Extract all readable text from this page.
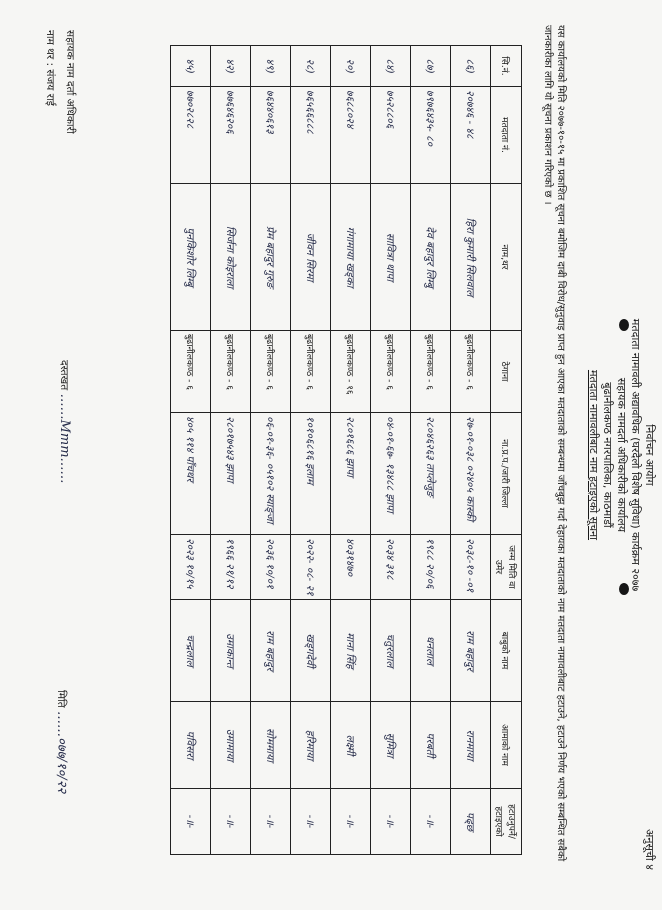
अनुसूची ४
निर्वाचन आयोग
मतदाता नामावली अद्यावधिक (घरदैलो विशेष सुविधा) कार्यक्रम २०७७
सहायक नामदर्ता अधिकारीको कार्यालय
बुढानीलकण्ठ नगरपालिका, काठमाडौं
मतदाता नामावलीबाट नाम हटाइएको सूचना
यस कार्यालयको मिति २०७७-१०-१५ मा प्रकाशित सूचना बमोजिम दाबी विरोध/सुनुवाइ प्राप्त हुन आएका मतदाताको सम्बन्धमा जाँचबुझ गर्दा देहायका मतदाताको नाम मतदाता नामावलीबाट हटाउने, हटाउने निर्णय भएको सम्बन्धित सबैको जानकारीका लागि यो सूचना प्रकाशन गरिएको छ ।
सि.नं.	मतदाता नं.	नाम,थर	ठेगाना	ना.प्र.प./जारी जिल्ला	जन्म मिति वा उमेर	बाबुको नाम	आमाको नाम	हटाउनुपर्ने/हटाइएको
८६)	२०७४६ - ४८	हिरा कुमारी सिलवाल	बुढानीलकण्ठ - ६	२७-०१-०३८ ०२४०५ कास्की	२०३८-१० -०१	राम बहादुर	रानमाया	पढ्‌छ
८७)	७९७६४३५- ८०	देव बहादुर लिम्बु	बुढानीलकण्ठ - ६	२८०४६२६३ ताप्लेजुङ	१९८८ २०/०६	धनलाल	परबती	-॥-
८४)	७५२८८०६	सावित्रा थापा	बुढानीलकण्ठ - ६	०४-०१-६७- १३४८८ झापा	२०३४ ३१८	चतुरलाल	सुमित्रा	-॥-
२०)	७६८८०२४	गंगामाया खड्का	बुढानीलकण्ठ - १६	२८०१६८६ झापा	४०३१४७०	माना सिंह	लक्ष्मी	-॥-
२८)	७६५६६८८८	जीवन सिरमा	बुढानीलकण्ठ - ६	१०१०६८१६ इलाम	२०२२- ०८- २१	खड्गदेवी	हरिमाया	-॥-
४९)	७६४४०६१३	प्रेम बहादुर गुरुङ	बुढानीलकण्ठ - ६	०६-०१-३६- ०५१०२ स्याङ्जा	२०३६ १०/०१	राम बहादुर	सोममाया	-॥-
४२)	७७६४६२०६	सिर्जना कोइराला	बुढानीलकण्ठ - ६	२८०१७५४३ झापा	१९६६ २१/१२	उमाकान्त	उमामाया	-॥-
४५)	७७०२८२८	पुनकिशोर लिम्बु	बुढानीलकण्ठ - ६	४०५ ११४ पाँचथर	२०२३ १०/१५	चन्द्रलाल	पविसरा	-॥-
सहायक नाम दर्ता अधिकारी
नाम थर : संजय राई
दस्तखत ……Mmm……
मिति ……०७७/१०/२२
